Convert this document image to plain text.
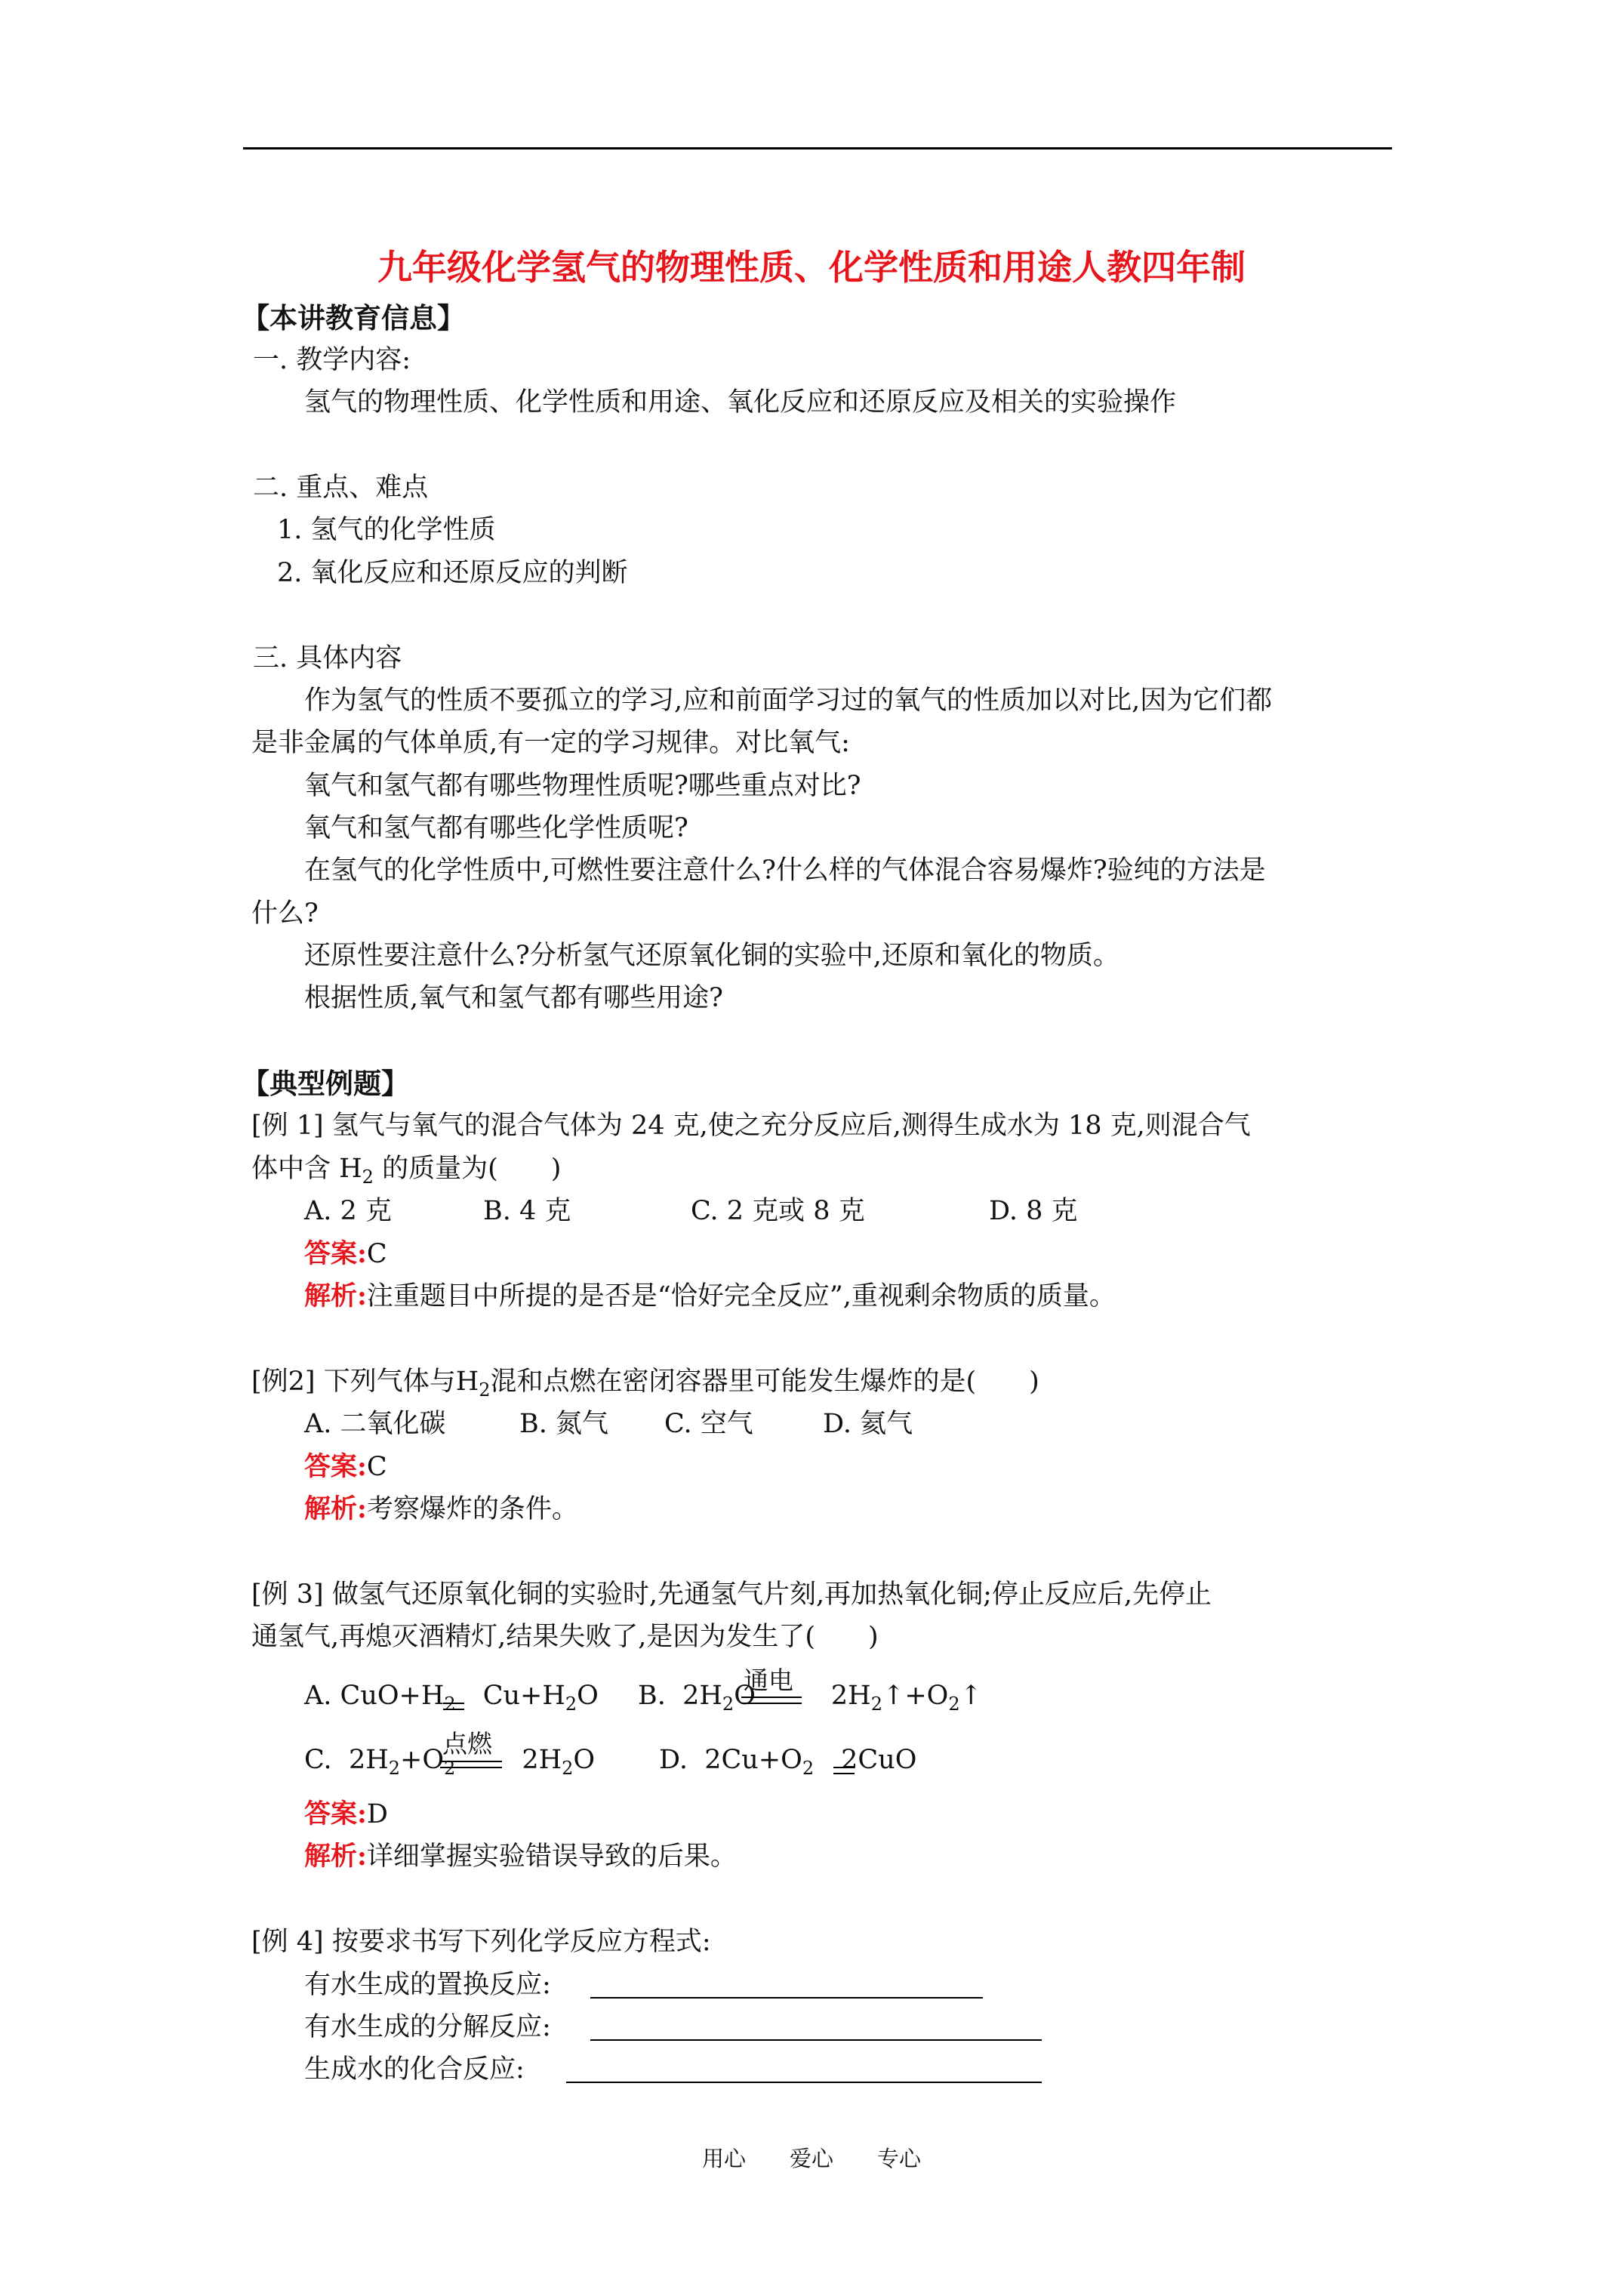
九年级化学氢气的物理性质、化学性质和用途人教四年制
【本讲教育信息】
一. 教学内容:
氢气的物理性质、化学性质和用途、氧化反应和还原反应及相关的实验操作
二. 重点、难点
1. 氢气的化学性质
2. 氧化反应和还原反应的判断
三. 具体内容
作为氢气的性质不要孤立的学习,应和前面学习过的氧气的性质加以对比,因为它们都
是非金属的气体单质,有一定的学习规律。对比氧气:
氧气和氢气都有哪些物理性质呢?哪些重点对比?
氧气和氢气都有哪些化学性质呢?
在氢气的化学性质中,可燃性要注意什么?什么样的气体混合容易爆炸?验纯的方法是
什么?
还原性要注意什么?分析氢气还原氧化铜的实验中,还原和氧化的物质。
根据性质,氧气和氢气都有哪些用途?
【典型例题】
[例 1] 氢气与氧气的混合气体为 24 克,使之充分反应后,测得生成水为 18 克,则混合气
体中含 $H_2$ 的质量为(　　)
A. 2 克	B. 4 克	C. 2 克或 8 克	D. 8 克
答案:C
解析:注重题目中所提的是否是“恰好完全反应”,重视剩余物质的质量。
[例2] 下列气体与$H_2$混和点燃在密闭容器里可能发生爆炸的是(　　)
A. 二氧化碳	B. 氮气 C. 空气	D. 氦气
答案:C
解析:考察爆炸的条件。
[例 3] 做氢气还原氧化铜的实验时,先通氢气片刻,再加热氧化铜;停止反应后,先停止
通氢气,再熄灭酒精灯,结果失败了,是因为发生了(　　)
A. $CuO+H_2$ $Cu+H_2O$ B. $2H_2O$	$2H_2↑+O_2↑$
通电
C. $2H_2+O_2$	$2H_2O$
点燃
D. $2Cu+O_2$ 2CuO
答案:D
解析:详细掌握实验错误导致的后果。
[例 4] 按要求书写下列化学反应方程式:
有水生成的置换反应:
有水生成的分解反应:
生成水的化合反应:
用心　　爱心　　专心
